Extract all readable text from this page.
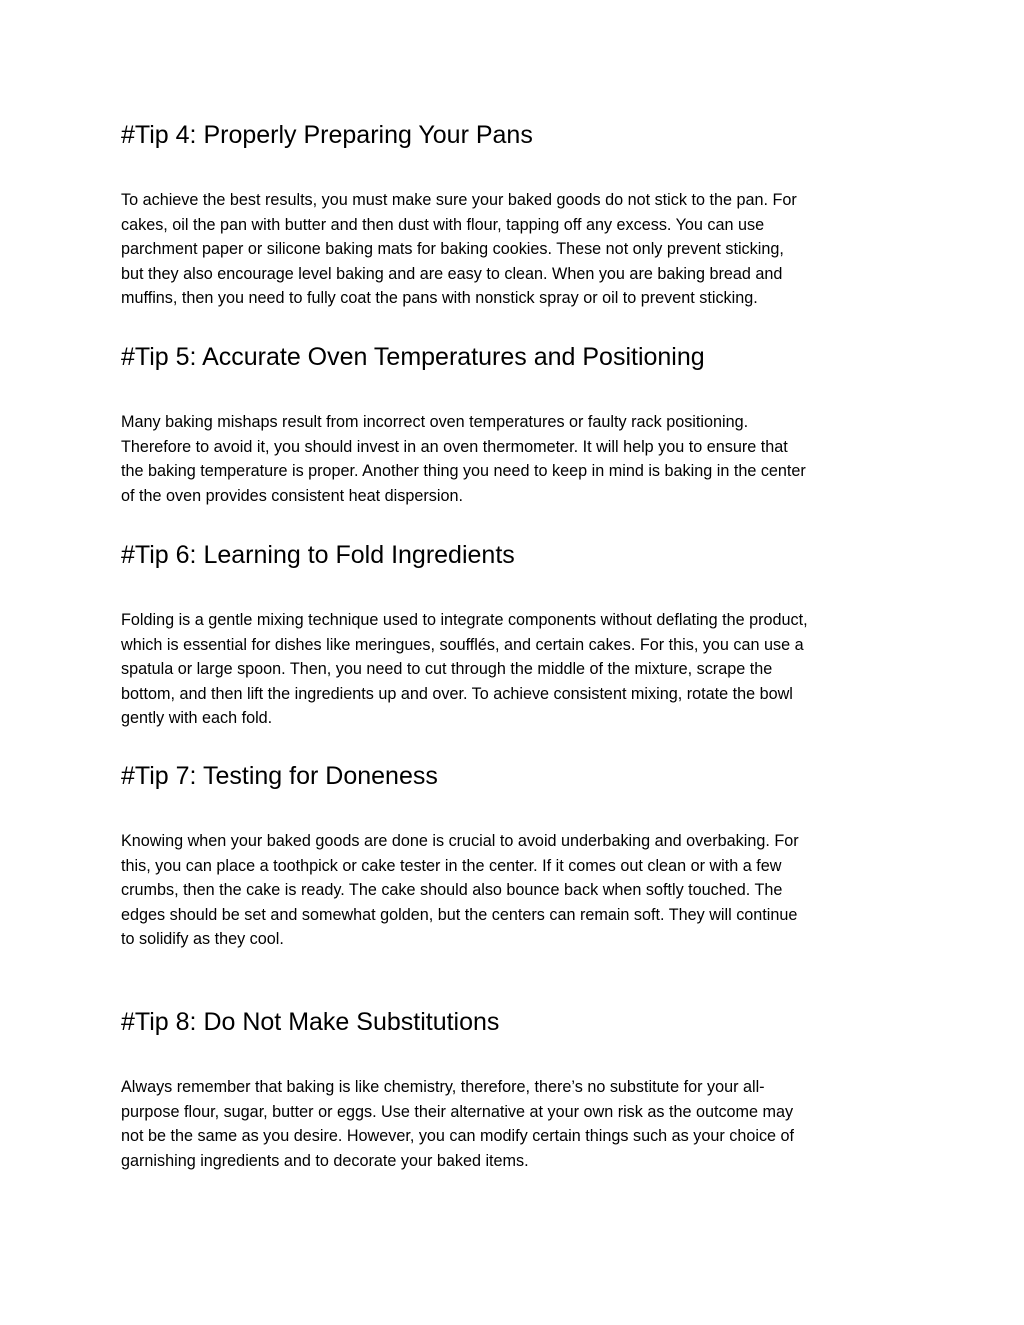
#Tip 4: Properly Preparing Your Pans

To achieve the best results, you must make sure your baked goods do not stick to the pan. For
cakes, oil the pan with butter and then dust with flour, tapping off any excess. You can use
parchment paper or silicone baking mats for baking cookies. These not only prevent sticking,
but they also encourage level baking and are easy to clean. When you are baking bread and
muffins, then you need to fully coat the pans with nonstick spray or oil to prevent sticking.

#Tip 5: Accurate Oven Temperatures and Positioning

Many baking mishaps result from incorrect oven temperatures or faulty rack positioning.
Therefore to avoid it, you should invest in an oven thermometer. It will help you to ensure that
the baking temperature is proper. Another thing you need to keep in mind is baking in the center
of the oven provides consistent heat dispersion.

#Tip 6: Learning to Fold Ingredients

Folding is a gentle mixing technique used to integrate components without deflating the product,
which is essential for dishes like meringues, soufflés, and certain cakes. For this, you can use a
spatula or large spoon. Then, you need to cut through the middle of the mixture, scrape the
bottom, and then lift the ingredients up and over. To achieve consistent mixing, rotate the bowl
gently with each fold.

#Tip 7: Testing for Doneness

Knowing when your baked goods are done is crucial to avoid underbaking and overbaking. For
this, you can place a toothpick or cake tester in the center. If it comes out clean or with a few
crumbs, then the cake is ready. The cake should also bounce back when softly touched. The
edges should be set and somewhat golden, but the centers can remain soft. They will continue
to solidify as they cool.

#Tip 8: Do Not Make Substitutions

Always remember that baking is like chemistry, therefore, there’s no substitute for your all-
purpose flour, sugar, butter or eggs. Use their alternative at your own risk as the outcome may
not be the same as you desire. However, you can modify certain things such as your choice of
garnishing ingredients and to decorate your baked items.
